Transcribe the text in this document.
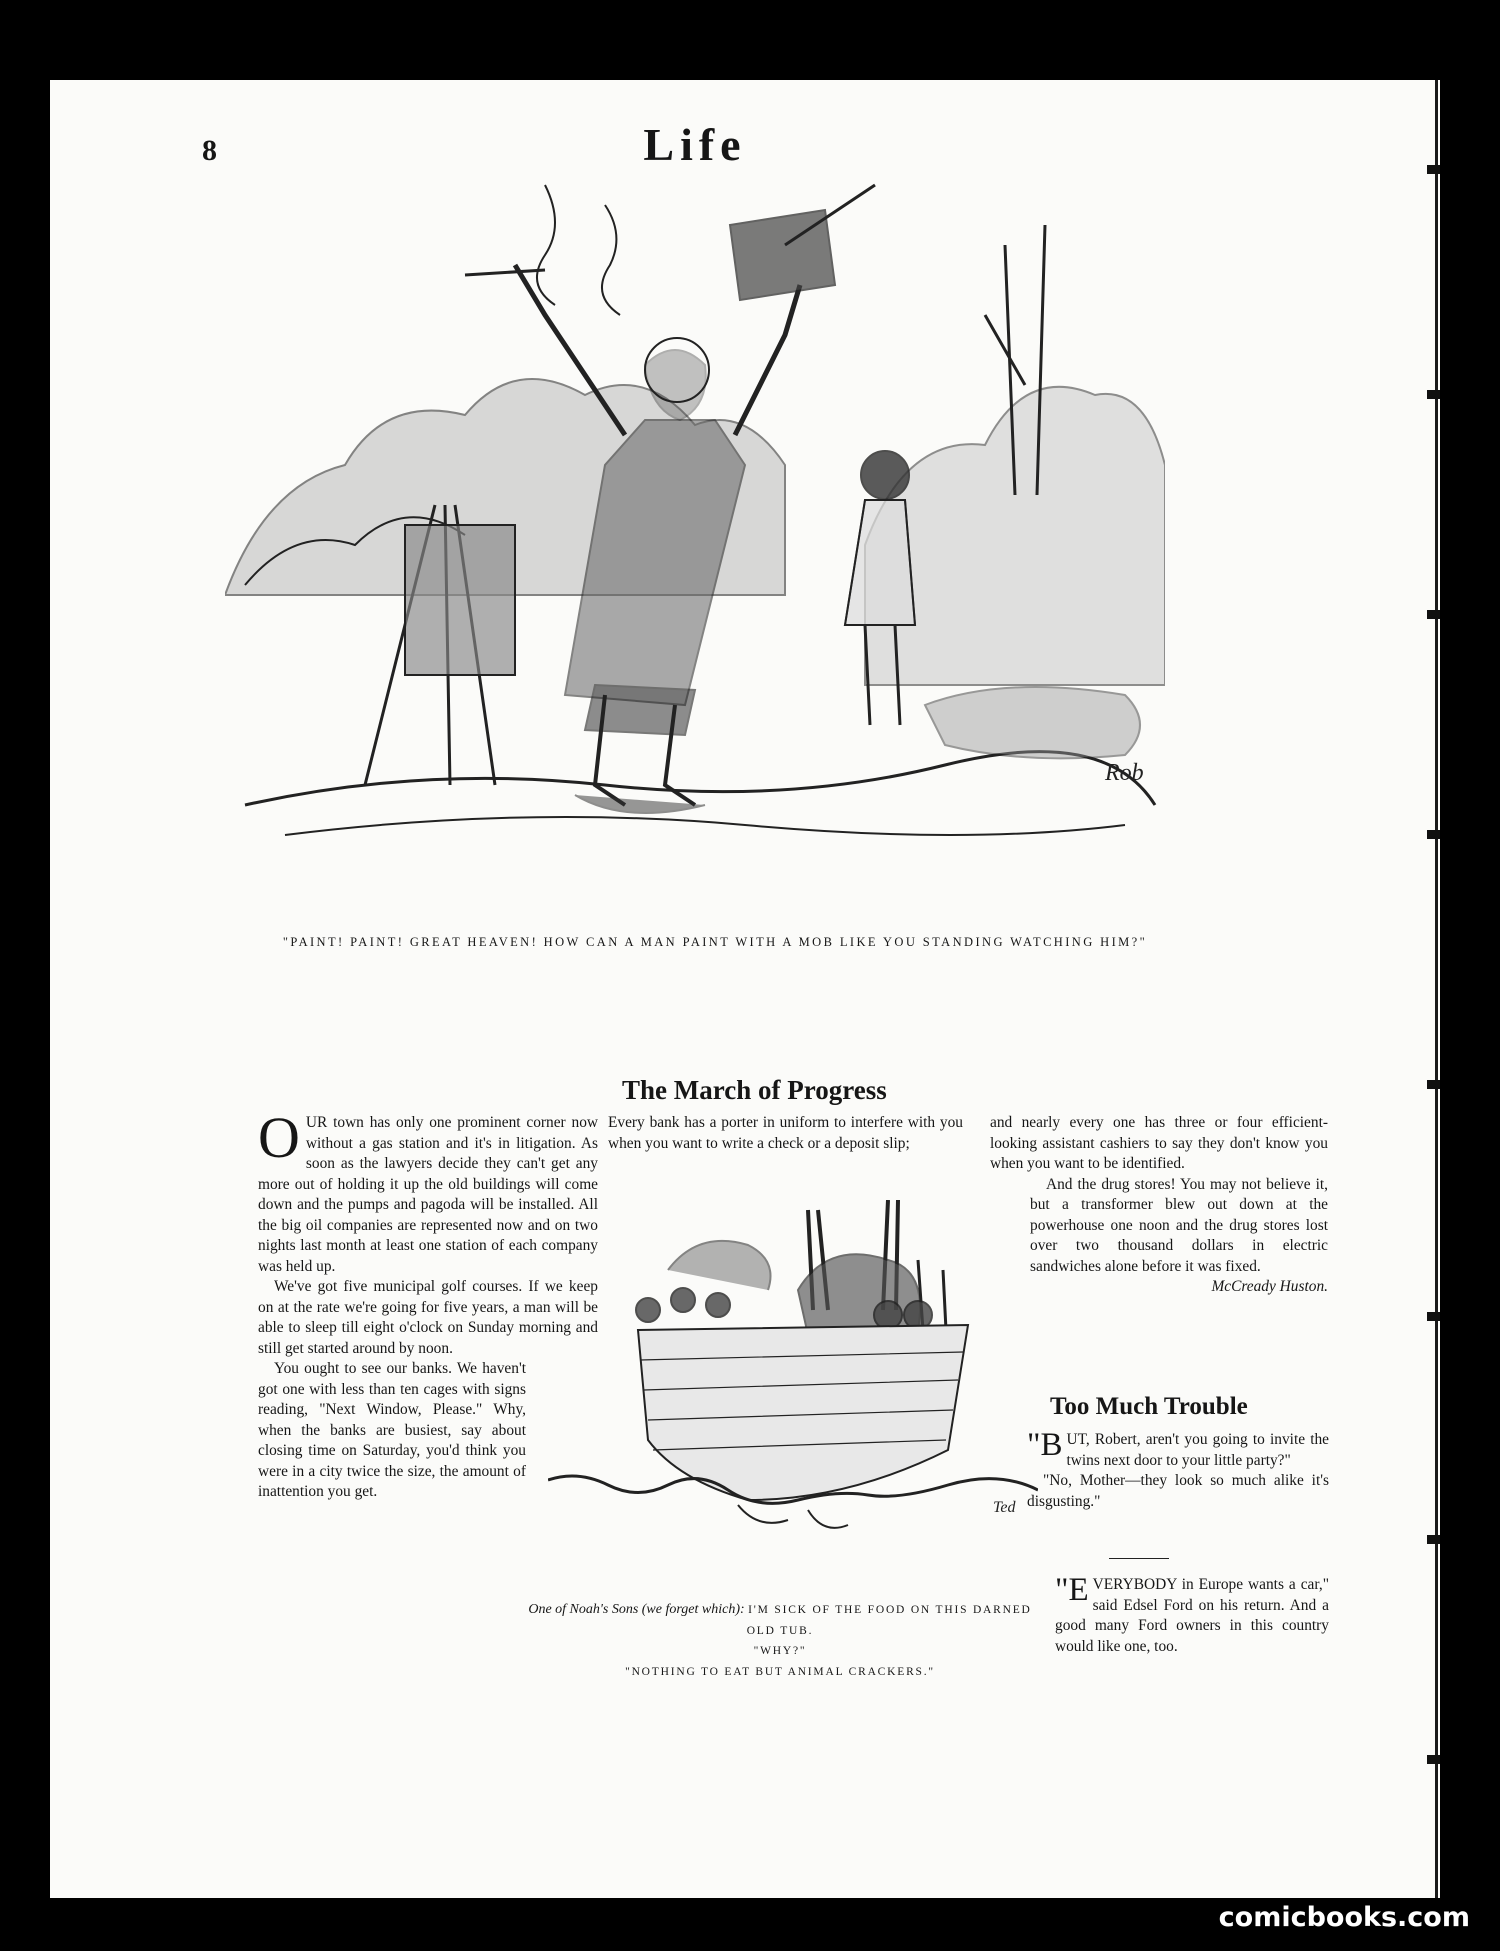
8	Life
Rob
"PAINT! PAINT! GREAT HEAVEN! HOW CAN A MAN PAINT WITH A MOB LIKE YOU STANDING WATCHING HIM?"
The March of Progress

OUR town has only one prominent corner now without a gas station and it's in litigation. As soon as the lawyers decide they can't get any more out of holding it up the old buildings will come down and the pumps and pagoda will be installed. All the big oil companies are represented now and on two nights last month at least one station of each company was held up.

We've got five municipal golf courses. If we keep on at the rate we're going for five years, a man will be able to sleep till eight o'clock on Sunday morning and still get started around by noon.

You ought to see our banks. We haven't got one with less than ten cages with signs reading, "Next Window, Please." Why, when the banks are busiest, say about closing time on Saturday, you'd think you were in a city twice the size, the amount of inattention you get.

Every bank has a porter in uniform to interfere with you when you want to write a check or a deposit slip;

and nearly every one has three or four efficient-looking assistant cashiers to say they don't know you when you want to be identified.

And the drug stores! You may not believe it, but a transformer blew out down at the powerhouse one noon and the drug stores lost over two thousand dollars in electric sandwiches alone before it was fixed.

McCready Huston.
Ted
One of Noah's Sons (we forget which): I'M SICK OF THE FOOD ON THIS DARNED OLD TUB.
"WHY?"
"NOTHING TO EAT BUT ANIMAL CRACKERS."
Too Much Trouble

"B UT, Robert, aren't you going to invite the twins next door to your little party?"

"No, Mother—they look so much alike it's disgusting."

"E VERYBODY in Europe wants a car," said Edsel Ford on his return. And a good many Ford owners in this country would like one, too.

comicbooks.com
